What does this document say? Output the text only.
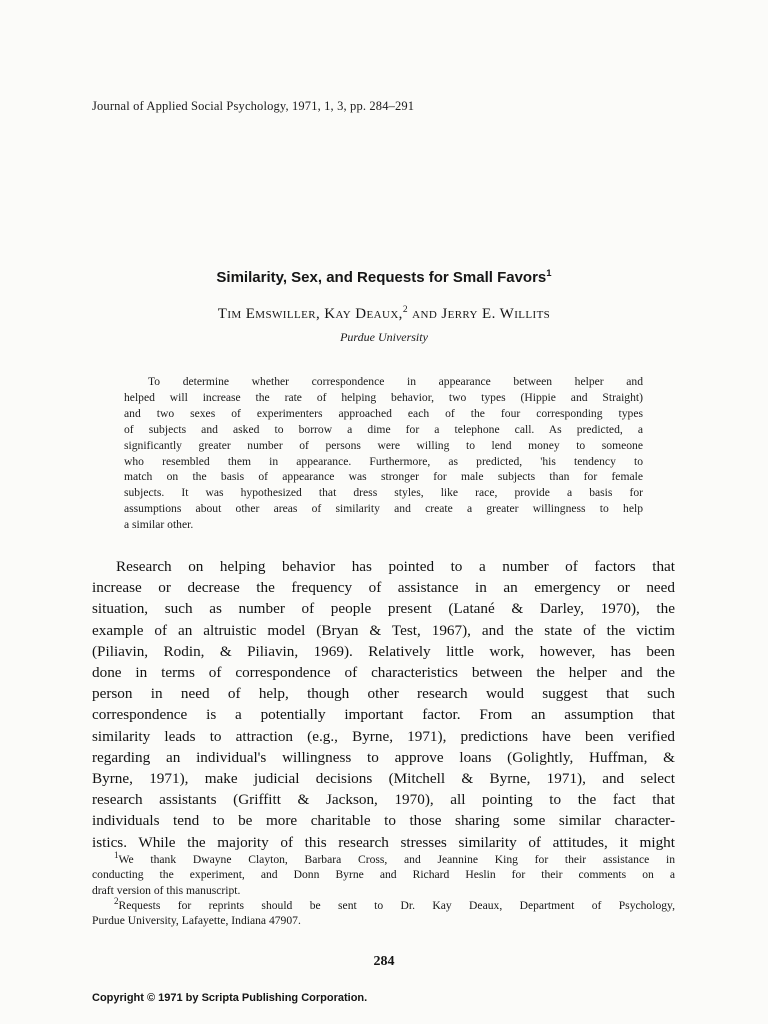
Journal of Applied Social Psychology, 1971, 1, 3, pp. 284–291
Similarity, Sex, and Requests for Small Favors$^1$
Tim Emswiller, Kay Deaux,$^2$ and Jerry E. Willits
Purdue University

To determine whether correspondence in appearance between helper and
helped will increase the rate of helping behavior, two types (Hippie and Straight)
and two sexes of experimenters approached each of the four corresponding types
of subjects and asked to borrow a dime for a telephone call. As predicted, a
significantly greater number of persons were willing to lend money to someone
who resembled them in appearance. Furthermore, as predicted, 'his tendency to
match on the basis of appearance was stronger for male subjects than for female
subjects. It was hypothesized that dress styles, like race, provide a basis for
assumptions about other areas of similarity and create a greater willingness to help
a similar other.

Research on helping behavior has pointed to a number of factors that
increase or decrease the frequency of assistance in an emergency or need
situation, such as number of people present (Latané & Darley, 1970), the
example of an altruistic model (Bryan & Test, 1967), and the state of the victim
(Piliavin, Rodin, & Piliavin, 1969). Relatively little work, however, has been
done in terms of correspondence of characteristics between the helper and the
person in need of help, though other research would suggest that such
correspondence is a potentially important factor. From an assumption that
similarity leads to attraction (e.g., Byrne, 1971), predictions have been verified
regarding an individual's willingness to approve loans (Golightly, Huffman, &
Byrne, 1971), make judicial decisions (Mitchell & Byrne, 1971), and select
research assistants (Griffitt & Jackson, 1970), all pointing to the fact that
individuals tend to be more charitable to those sharing some similar character-
istics. While the majority of this research stresses similarity of attitudes, it might

$^1$We thank Dwayne Clayton, Barbara Cross, and Jeannine King for their assistance in
conducting the experiment, and Donn Byrne and Richard Heslin for their comments on a
draft version of this manuscript.
$^2$Requests for reprints should be sent to Dr. Kay Deaux, Department of Psychology,
Purdue University, Lafayette, Indiana 47907.

284
Copyright © 1971 by Scripta Publishing Corporation.
